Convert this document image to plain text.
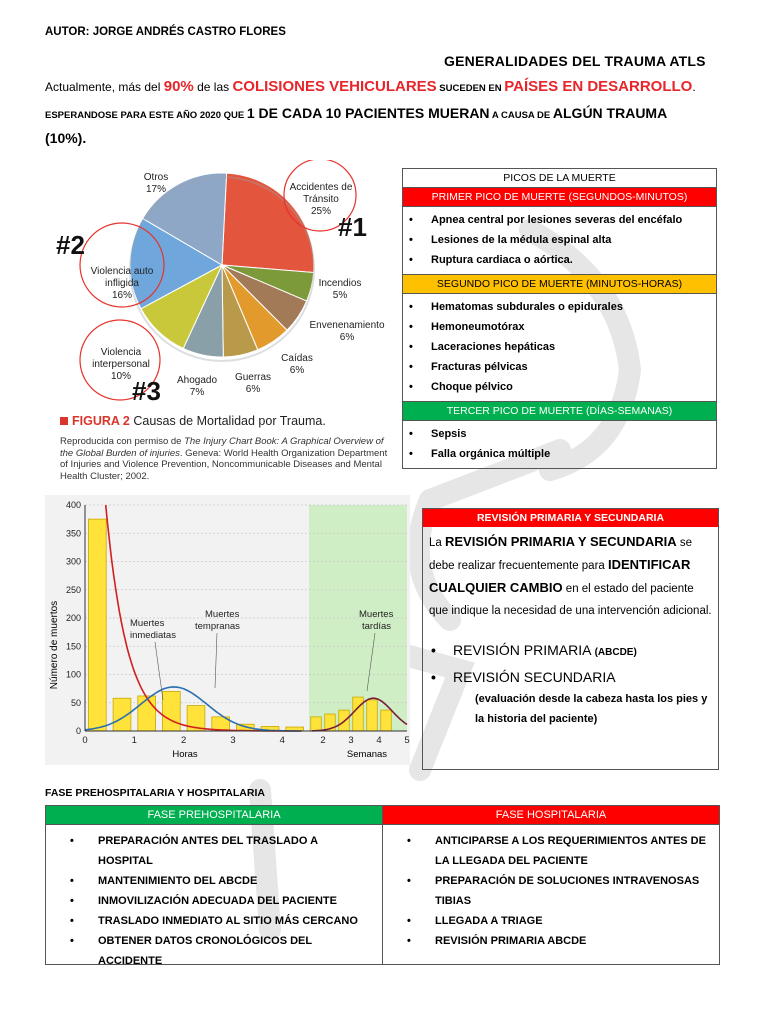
AUTOR: JORGE ANDRÉS CASTRO FLORES
GENERALIDADES DEL TRAUMA ATLS
Actualmente, más del 90% de las COLISIONES VEHICULARES SUCEDEN EN PAÍSES EN DESARROLLO.
ESPERANDOSE PARA ESTE AÑO 2020 QUE 1 DE CADA 10 PACIENTES MUERAN A CAUSA DE ALGÚN TRAUMA (10%).
Otros
17%	Accidentes de Tránsito
25%
Incendios
5%
Envenenamiento
6%
Caídas
6%
Guerras
6%
Ahogado
7%
Violencia interpersonal
10%
Violencia auto infligida
16%
#1
#2
#3
FIGURA 2 Causas de Mortalidad por Trauma.
Reproducida con permiso de The Injury Chart Book: A Graphical Overview of the Global Burden of injuries. Geneva: World Health Organization Department of Injuries and Violence Prevention, Noncommunicable Diseases and Mental Health Cluster; 2002.
PICOS DE LA MUERTE
PRIMER PICO DE MUERTE (SEGUNDOS-MINUTOS)
• Apnea central por lesiones severas del encéfalo
• Lesiones de la médula espinal alta
• Ruptura cardiaca o aórtica.
SEGUNDO PICO DE MUERTE (MINUTOS-HORAS)
• Hematomas subdurales o epidurales
• Hemoneumotórax
• Laceraciones hepáticas
• Fracturas pélvicas
• Choque pélvico
TERCER PICO DE MUERTE (DÍAS-SEMANAS)
• Sepsis
• Falla orgánica múltiple
0
50
100
150
200
250
300
350
400
0	1	2	3	4	2 3 4 5
Número de muertos	Muertes
inmediatas
Muertes
tempranas
Muertes
tardías
Horas	Semanas
REVISIÓN PRIMARIA Y SECUNDARIA
La REVISIÓN PRIMARIA Y SECUNDARIA se debe realizar frecuentemente para IDENTIFICAR CUALQUIER CAMBIO en el estado del paciente que indique la necesidad de una intervención adicional.
• REVISIÓN PRIMARIA (ABCDE)
• REVISIÓN SECUNDARIA
(evaluación desde la cabeza hasta los pies y la historia del paciente)
FASE PREHOSPITALARIA Y HOSPITALARIA
FASE PREHOSPITALARIA
• PREPARACIÓN ANTES DEL TRASLADO A HOSPITAL
• MANTENIMIENTO DEL ABCDE
• INMOVILIZACIÓN ADECUADA DEL PACIENTE
• TRASLADO INMEDIATO AL SITIO MÁS CERCANO
• OBTENER DATOS CRONOLÓGICOS DEL ACCIDENTE
FASE HOSPITALARIA
• ANTICIPARSE A LOS REQUERIMIENTOS ANTES DE LA LLEGADA DEL PACIENTE
• PREPARACIÓN DE SOLUCIONES INTRAVENOSAS TIBIAS
• LLEGADA A TRIAGE
• REVISIÓN PRIMARIA ABCDE
